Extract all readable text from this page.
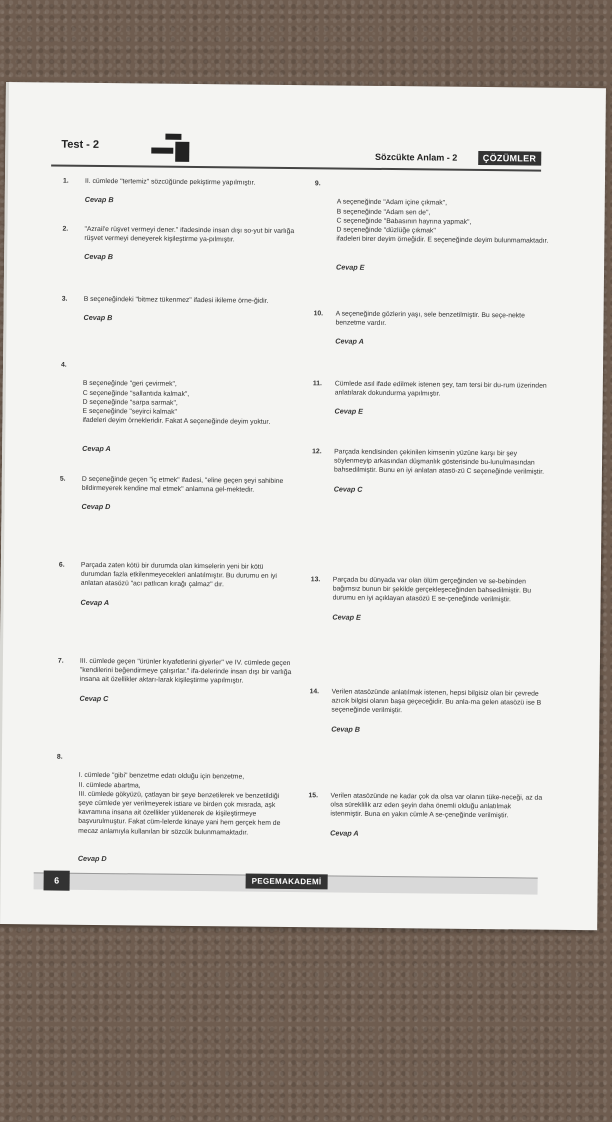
Test - 2
Sözcükte Anlam - 2	ÇÖZÜMLER
1.	II. cümlede "tertemiz" sözcüğünde pekiştirme yapılmıştır.
Cevap B
2.	"Azrail'e rüşvet vermeyi dener." ifadesinde insan dışı so-yut bir varlığa rüşvet vermeyi deneyerek kişileştirme ya-pılmıştır.
Cevap B
3.	B seçeneğindeki "bitmez tükenmez" ifadesi ikileme örne-ğidir.
Cevap B

4.

B seçeneğinde "geri çevirmek",
C seçeneğinde "sallantıda kalmak",
D seçeneğinde "sarpa sarmak",
E seçeneğinde "seyirci kalmak"
ifadeleri deyim örnekleridir. Fakat A seçeneğinde deyim yoktur.

Cevap A

5.	D seçeneğinde geçen "iç etmek" ifadesi, "eline geçen şeyi sahibine bildirmeyerek kendine mal etmek" anlamına gel-mektedir.
Cevap D
6.	Parçada zaten kötü bir durumda olan kimselerin yeni bir kötü durumdan fazla etkilenmeyecekleri anlatılmıştır. Bu durumu en iyi anlatan atasözü "acı patlıcan kırağı çalmaz" dır.
Cevap A
7.	III. cümlede geçen "ürünler kıyafetlerini giyerler" ve IV. cümlede geçen "kendilerini beğendirmeye çalışırlar." ifa-delerinde insan dışı bir varlığa insana ait özellikler aktarı-larak kişileştirme yapılmıştır.
Cevap C

8.

I. cümlede "gibi" benzetme edatı olduğu için benzetme,
II. cümlede abartma,
III. cümlede gökyüzü, çatlayan bir şeye benzetilerek ve benzetildiği şeye cümlede yer verilmeyerek istiare ve birden çok mısrada, aşk kavramına insana ait özellikler yüklenerek de kişileştirmeye başvurulmuştur. Fakat cüm-lelerde kinaye yani hem gerçek hem de mecaz anlamıyla kullanılan bir sözcük bulunmamaktadır.

Cevap D

9.

A seçeneğinde "Adam içine çıkmak",
B seçeneğinde "Adam sen de",
C seçeneğinde "Babasının hayrına yapmak",
D seçeneğinde "düzlüğe çıkmak"
ifadeleri birer deyim örneğidir. E seçeneğinde deyim bulunmamaktadır.

Cevap E

10.	A seçeneğinde gözlerin yaşı, sele benzetilmiştir. Bu seçe-nekte benzetme vardır.
Cevap A
11.	Cümlede asıl ifade edilmek istenen şey, tam tersi bir du-rum üzerinden anlatılarak dokundurma yapılmıştır.
Cevap E
12.	Parçada kendisinden çekinilen kimsenin yüzüne karşı bir şey söylenmeyip arkasından düşmanlık gösterisinde bu-lunulmasından bahsedilmiştir. Bunu en iyi anlatan atasö-zü C seçeneğinde verilmiştir.
Cevap C
13.	Parçada bu dünyada var olan ölüm gerçeğinden ve se-bebinden bağımsız bunun bir şekilde gerçekleşeceğinden bahsedilmiştir. Bu durumu en iyi açıklayan atasözü E se-çeneğinde verilmiştir.
Cevap E
14.	Verilen atasözünde anlatılmak istenen, hepsi bilgisiz olan bir çevrede azıcık bilgisi olanın başa geçeceğidir. Bu anla-ma gelen atasözü ise B seçeneğinde verilmiştir.
Cevap B
15.	Verilen atasözünde ne kadar çok da olsa var olanın tüke-neceği, az da olsa süreklilik arz eden şeyin daha önemli olduğu anlatılmak istenmiştir. Buna en yakın cümle A se-çeneğinde verilmiştir.
Cevap A
6	PEGEMAKADEMİ
